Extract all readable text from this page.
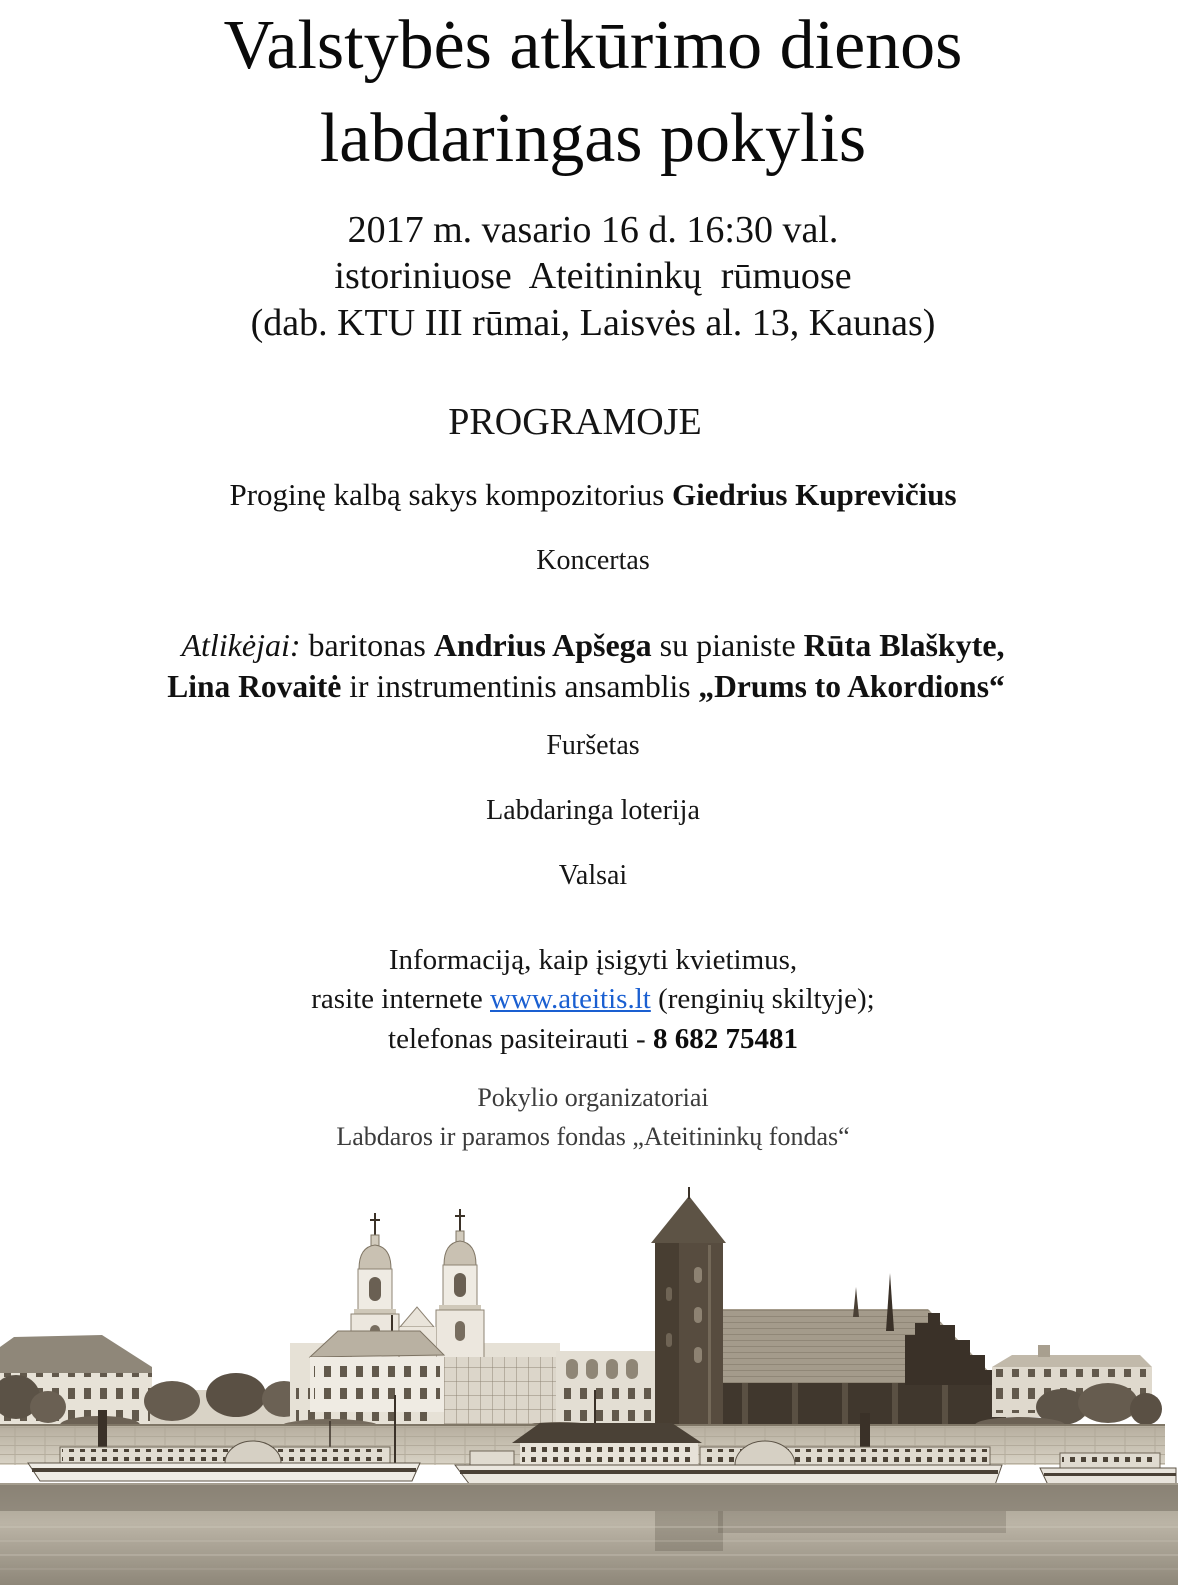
Valstybės atkūrimo dienos
labdaringas pokylis
2017 m. vasario 16 d. 16:30 val.
istoriniuose  Ateitininkų  rūmuose
(dab. KTU III rūmai, Laisvės al. 13, Kaunas)
PROGRAMOJE
Proginę kalbą sakys kompozitorius Giedrius Kuprevičius
Koncertas
Atlikėjai: baritonas Andrius Apšega su pianiste Rūta Blaškyte,
Lina Rovaitė ir instrumentinis ansamblis „Drums to Akordions“
Furšetas
Labdaringa loterija
Valsai
Informaciją, kaip įsigyti kvietimus,
rasite internete www.ateitis.lt (renginių skiltyje);
telefonas pasiteirauti - 8 682 75481
Pokylio organizatoriai
Labdaros ir paramos fondas „Ateitininkų fondas“
